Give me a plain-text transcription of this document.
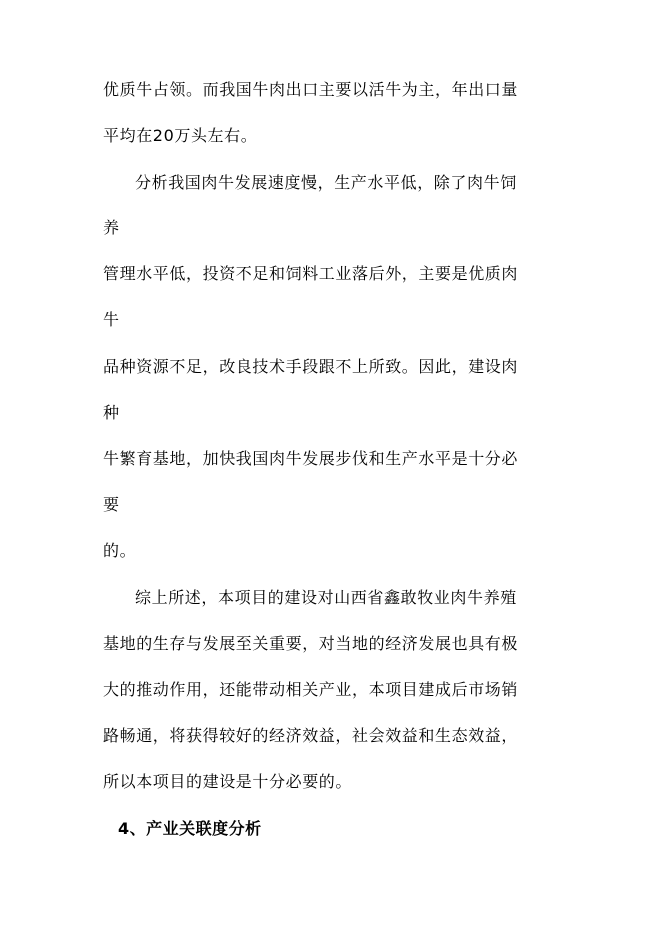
优质牛占领。而我国牛肉出口主要以活牛为主，年出口量
平均在20万头左右。
分析我国肉牛发展速度慢，生产水平低，除了肉牛饲
养
管理水平低，投资不足和饲料工业落后外，主要是优质肉
牛
品种资源不足，改良技术手段跟不上所致。因此，建设肉
种
牛繁育基地，加快我国肉牛发展步伐和生产水平是十分必
要
的。
综上所述，本项目的建设对山西省鑫敢牧业肉牛养殖
基地的生存与发展至关重要，对当地的经济发展也具有极
大的推动作用，还能带动相关产业，本项目建成后市场销
路畅通，将获得较好的经济效益，社会效益和生态效益，
所以本项目的建设是十分必要的。
4、产业关联度分析
